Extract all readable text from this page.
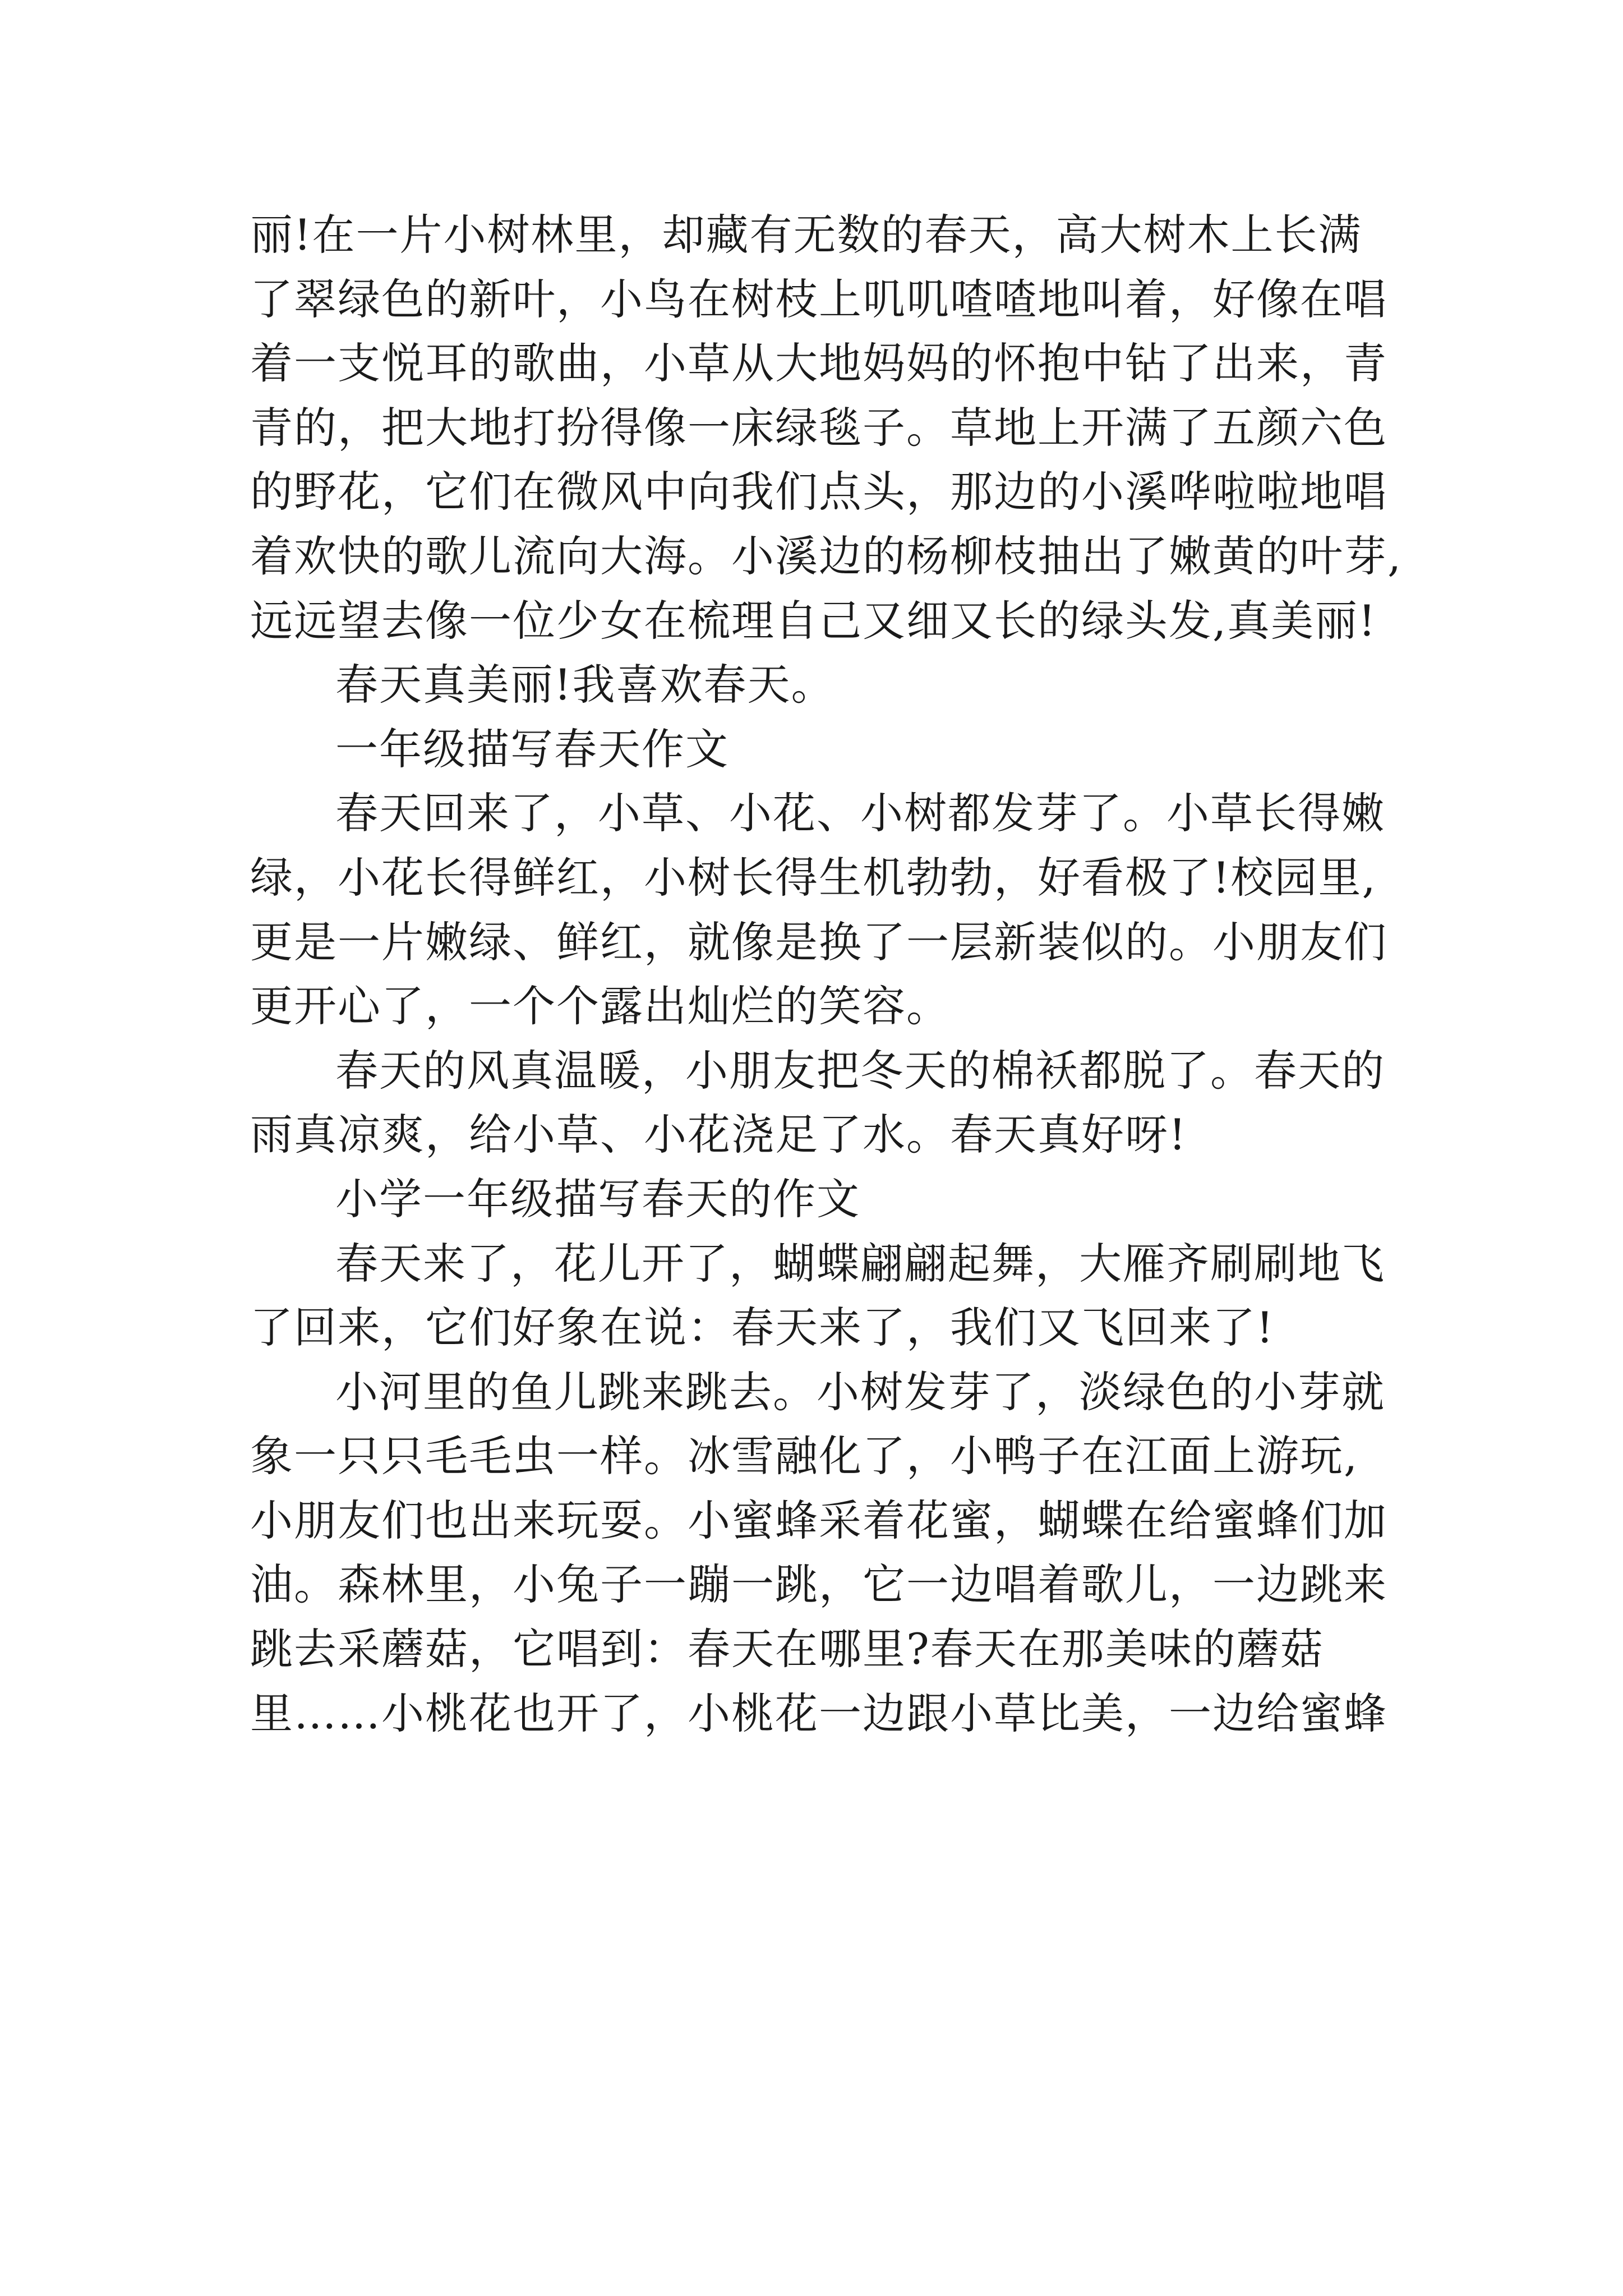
丽!在一片小树林里，却藏有无数的春天，高大树木上长满
了翠绿色的新叶，小鸟在树枝上叽叽喳喳地叫着，好像在唱
着一支悦耳的歌曲，小草从大地妈妈的怀抱中钻了出来，青
青的，把大地打扮得像一床绿毯子。草地上开满了五颜六色
的野花，它们在微风中向我们点头，那边的小溪哗啦啦地唱
着欢快的歌儿流向大海。小溪边的杨柳枝抽出了嫩黄的叶芽,
远远望去像一位少女在梳理自己又细又长的绿头发,真美丽!
春天真美丽!我喜欢春天。
一年级描写春天作文
春天回来了，小草、小花、小树都发芽了。小草长得嫩
绿，小花长得鲜红，小树长得生机勃勃，好看极了!校园里,
更是一片嫩绿、鲜红，就像是换了一层新装似的。小朋友们
更开心了，一个个露出灿烂的笑容。
春天的风真温暖，小朋友把冬天的棉袄都脱了。春天的
雨真凉爽，给小草、小花浇足了水。春天真好呀!
小学一年级描写春天的作文
春天来了，花儿开了，蝴蝶翩翩起舞，大雁齐刷刷地飞
了回来，它们好象在说：春天来了，我们又飞回来了!
小河里的鱼儿跳来跳去。小树发芽了，淡绿色的小芽就
象一只只毛毛虫一样。冰雪融化了，小鸭子在江面上游玩,
小朋友们也出来玩耍。小蜜蜂采着花蜜，蝴蝶在给蜜蜂们加
油。森林里，小兔子一蹦一跳，它一边唱着歌儿，一边跳来
跳去采蘑菇，它唱到：春天在哪里?春天在那美味的蘑菇
里……小桃花也开了，小桃花一边跟小草比美，一边给蜜蜂
